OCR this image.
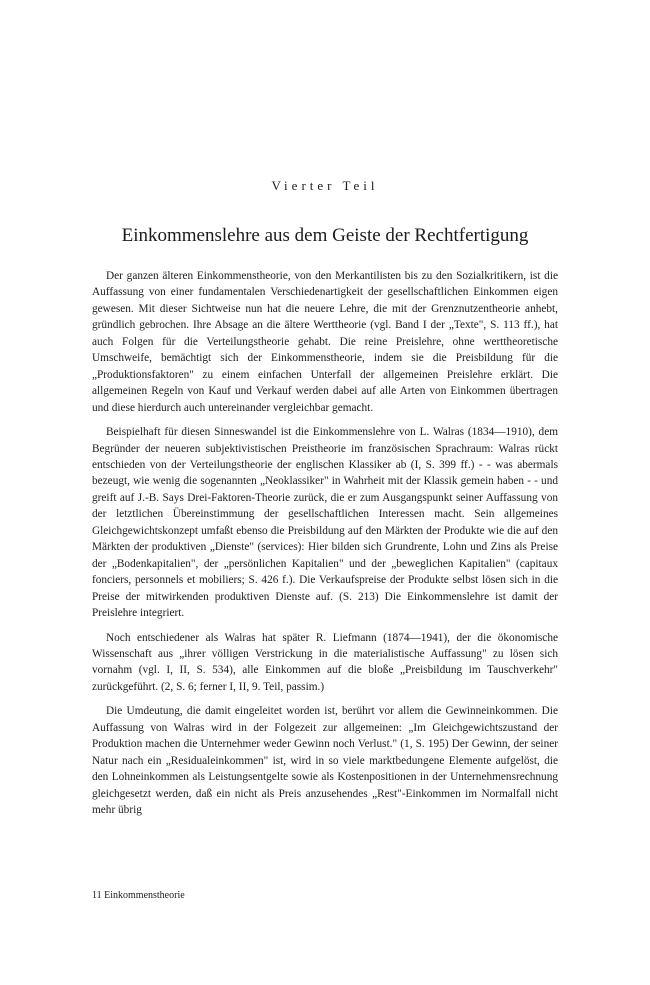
Vierter Teil
Einkommenslehre aus dem Geiste der Rechtfertigung

Der ganzen älteren Einkommenstheorie, von den Merkantilisten bis zu den Sozialkritikern, ist die Auffassung von einer fundamentalen Verschiedenartigkeit der gesellschaftlichen Einkommen eigen gewesen. Mit dieser Sichtweise nun hat die neuere Lehre, die mit der Grenznutzentheorie anhebt, gründlich gebrochen. Ihre Absage an die ältere Werttheorie (vgl. Band I der „Texte", S. 113 ff.), hat auch Folgen für die Verteilungstheorie gehabt. Die reine Preislehre, ohne werttheoretische Umschweife, bemächtigt sich der Einkommenstheorie, indem sie die Preisbildung für die „Produktionsfaktoren" zu einem einfachen Unterfall der allgemeinen Preislehre erklärt. Die allgemeinen Regeln von Kauf und Verkauf werden dabei auf alle Arten von Einkommen übertragen und diese hierdurch auch untereinander vergleichbar gemacht.

Beispielhaft für diesen Sinneswandel ist die Einkommenslehre von L. Walras (1834—1910), dem Begründer der neueren subjektivistischen Preistheorie im französischen Sprachraum: Walras rückt entschieden von der Verteilungstheorie der englischen Klassiker ab (I, S. 399 ff.) - - was abermals bezeugt, wie wenig die sogenannten „Neoklassiker" in Wahrheit mit der Klassik gemein haben - - und greift auf J.-B. Says Drei-Faktoren-Theorie zurück, die er zum Ausgangspunkt seiner Auffassung von der letztlichen Übereinstimmung der gesellschaftlichen Interessen macht. Sein allgemeines Gleichgewichtskonzept umfaßt ebenso die Preisbildung auf den Märkten der Produkte wie die auf den Märkten der produktiven „Dienste" (services): Hier bilden sich Grundrente, Lohn und Zins als Preise der „Bodenkapitalien", der „persönlichen Kapitalien" und der „beweglichen Kapitalien" (capitaux fonciers, personnels et mobiliers; S. 426 f.). Die Verkaufspreise der Produkte selbst lösen sich in die Preise der mitwirkenden produktiven Dienste auf. (S. 213) Die Einkommenslehre ist damit der Preislehre integriert.

Noch entschiedener als Walras hat später R. Liefmann (1874—1941), der die ökonomische Wissenschaft aus „ihrer völligen Verstrickung in die materialistische Auffassung" zu lösen sich vornahm (vgl. I, II, S. 534), alle Einkommen auf die bloße „Preisbildung im Tauschverkehr" zurückgeführt. (2, S. 6; ferner I, II, 9. Teil, passim.)

Die Umdeutung, die damit eingeleitet worden ist, berührt vor allem die Gewinneinkommen. Die Auffassung von Walras wird in der Folgezeit zur allgemeinen: „Im Gleichgewichtszustand der Produktion machen die Unternehmer weder Gewinn noch Verlust." (1, S. 195) Der Gewinn, der seiner Natur nach ein „Residualeinkommen" ist, wird in so viele marktbedungene Elemente aufgelöst, die den Lohneinkommen als Leistungsentgelte sowie als Kostenpositionen in der Unternehmensrechnung gleichgesetzt werden, daß ein nicht als Preis anzusehendes „Rest"-Einkommen im Normalfall nicht mehr übrig

11 Einkommenstheorie
